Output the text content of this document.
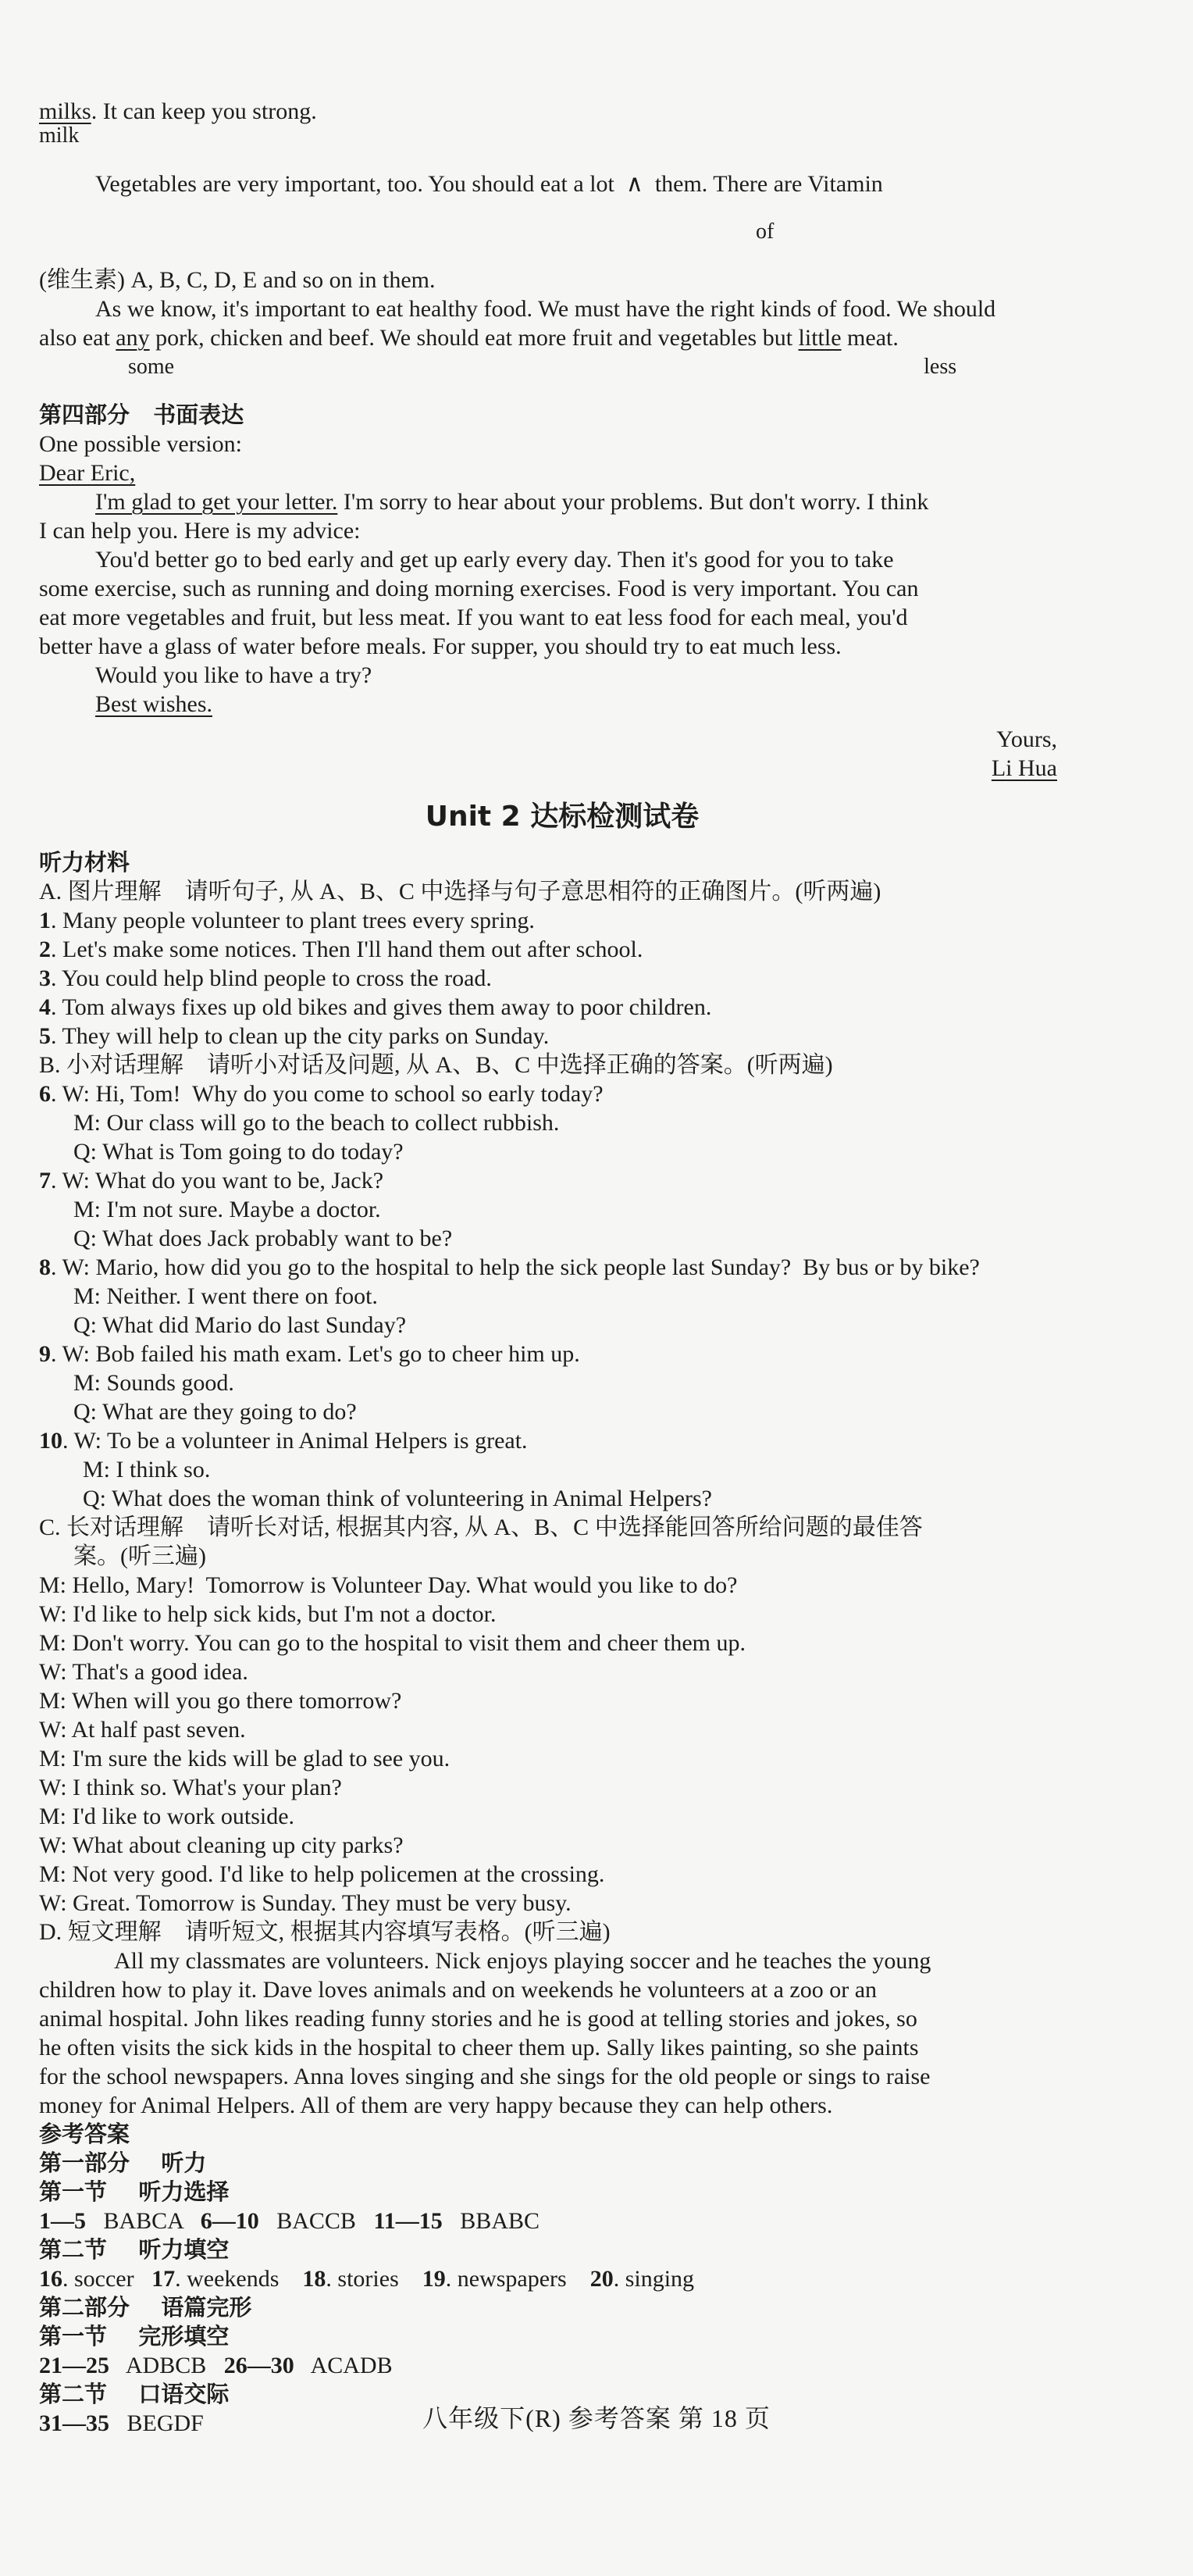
milks. It can keep you strong.

milk

Vegetables are very important, too. You should eat a lot  ∧  them. There are Vitamin

of

(维生素) A, B, C, D, E and so on in them.

As we know, it's important to eat healthy food. We must have the right kinds of food. We should

also eat any pork, chicken and beef. We should eat more fruit and vegetables but little meat.

some	less

第四部分   书面表达

One possible version:

Dear Eric,

I'm glad to get your letter. I'm sorry to hear about your problems. But don't worry. I think

I can help you. Here is my advice:

You'd better go to bed early and get up early every day. Then it's good for you to take

some exercise, such as running and doing morning exercises. Food is very important. You can

eat more vegetables and fruit, but less meat. If you want to eat less food for each meal, you'd

better have a glass of water before meals. For supper, you should try to eat much less.

Would you like to have a try?

Best wishes.

Yours,

Li Hua

Unit 2 达标检测试卷

听力材料

A. 图片理解    请听句子, 从 A、B、C 中选择与句子意思相符的正确图片。(听两遍)

1. Many people volunteer to plant trees every spring.

2. Let's make some notices. Then I'll hand them out after school.

3. You could help blind people to cross the road.

4. Tom always fixes up old bikes and gives them away to poor children.

5. They will help to clean up the city parks on Sunday.

B. 小对话理解    请听小对话及问题, 从 A、B、C 中选择正确的答案。(听两遍)

6. W: Hi, Tom!  Why do you come to school so early today?

M: Our class will go to the beach to collect rubbish.

Q: What is Tom going to do today?

7. W: What do you want to be, Jack?

M: I'm not sure. Maybe a doctor.

Q: What does Jack probably want to be?

8. W: Mario, how did you go to the hospital to help the sick people last Sunday?  By bus or by bike?

M: Neither. I went there on foot.

Q: What did Mario do last Sunday?

9. W: Bob failed his math exam. Let's go to cheer him up.

M: Sounds good.

Q: What are they going to do?

10. W: To be a volunteer in Animal Helpers is great.

M: I think so.

Q: What does the woman think of volunteering in Animal Helpers?

C. 长对话理解    请听长对话, 根据其内容, 从 A、B、C 中选择能回答所给问题的最佳答

案。(听三遍)

M: Hello, Mary!  Tomorrow is Volunteer Day. What would you like to do?

W: I'd like to help sick kids, but I'm not a doctor.

M: Don't worry. You can go to the hospital to visit them and cheer them up.

W: That's a good idea.

M: When will you go there tomorrow?

W: At half past seven.

M: I'm sure the kids will be glad to see you.

W: I think so. What's your plan?

M: I'd like to work outside.

W: What about cleaning up city parks?

M: Not very good. I'd like to help policemen at the crossing.

W: Great. Tomorrow is Sunday. They must be very busy.

D. 短文理解    请听短文, 根据其内容填写表格。(听三遍)

All my classmates are volunteers. Nick enjoys playing soccer and he teaches the young

children how to play it. Dave loves animals and on weekends he volunteers at a zoo or an

animal hospital. John likes reading funny stories and he is good at telling stories and jokes, so

he often visits the sick kids in the hospital to cheer them up. Sally likes painting, so she paints

for the school newspapers. Anna loves singing and she sings for the old people or sings to raise

money for Animal Helpers. All of them are very happy because they can help others.

参考答案

第一部分    听力

第一节    听力选择

1—5 BABCA 6—10 BACCB 11—15 BBABC

第二节    听力填空

16. soccer 17. weekends 18. stories 19. newspapers 20. singing

第二部分    语篇完形

第一节    完形填空

21—25 ADBCB 26—30 ACADB

第二节    口语交际

31—35 BEGDF	八年级下(R) 参考答案 第 18 页
